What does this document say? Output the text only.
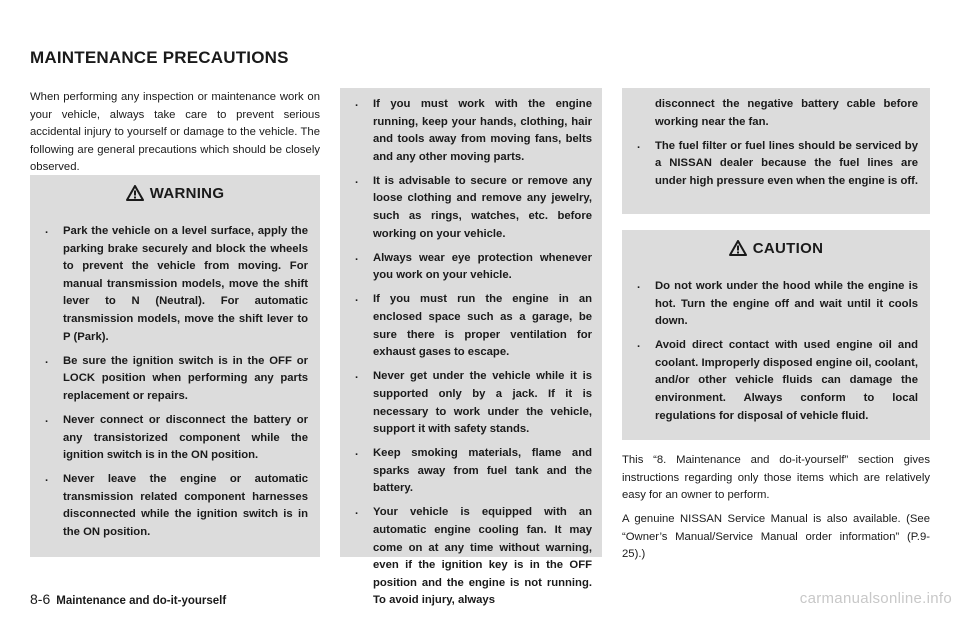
MAINTENANCE PRECAUTIONS
When performing any inspection or maintenance work on your vehicle, always take care to prevent serious accidental injury to yourself or damage to the vehicle. The following are general precautions which should be closely observed.
WARNING
. Park the vehicle on a level surface, apply the parking brake securely and block the wheels to prevent the vehicle from moving. For manual transmission models, move the shift lever to N (Neutral). For automatic transmission models, move the shift lever to P (Park).
. Be sure the ignition switch is in the OFF or LOCK position when performing any parts replacement or repairs.
. Never connect or disconnect the battery or any transistorized component while the ignition switch is in the ON position.
. Never leave the engine or automatic transmission related component harnesses disconnected while the ignition switch is in the ON position.
. If you must work with the engine running, keep your hands, clothing, hair and tools away from moving fans, belts and any other moving parts.
. It is advisable to secure or remove any loose clothing and remove any jewelry, such as rings, watches, etc. before working on your vehicle.
. Always wear eye protection whenever you work on your vehicle.
. If you must run the engine in an enclosed space such as a garage, be sure there is proper ventilation for exhaust gases to escape.
. Never get under the vehicle while it is supported only by a jack. If it is necessary to work under the vehicle, support it with safety stands.
. Keep smoking materials, flame and sparks away from fuel tank and the battery.
. Your vehicle is equipped with an automatic engine cooling fan. It may come on at any time without warning, even if the ignition key is in the OFF position and the engine is not running. To avoid injury, always
disconnect the negative battery cable before working near the fan.
. The fuel filter or fuel lines should be serviced by a NISSAN dealer because the fuel lines are under high pressure even when the engine is off.
CAUTION
. Do not work under the hood while the engine is hot. Turn the engine off and wait until it cools down.
. Avoid direct contact with used engine oil and coolant. Improperly disposed engine oil, coolant, and/or other vehicle fluids can damage the environment. Always conform to local regulations for disposal of vehicle fluid.
This “8. Maintenance and do-it-yourself” section gives instructions regarding only those items which are relatively easy for an owner to perform.
A genuine NISSAN Service Manual is also available. (See “Owner’s Manual/Service Manual order information” (P.9-25).)
8-6 Maintenance and do-it-yourself	carmanualsonline.info
